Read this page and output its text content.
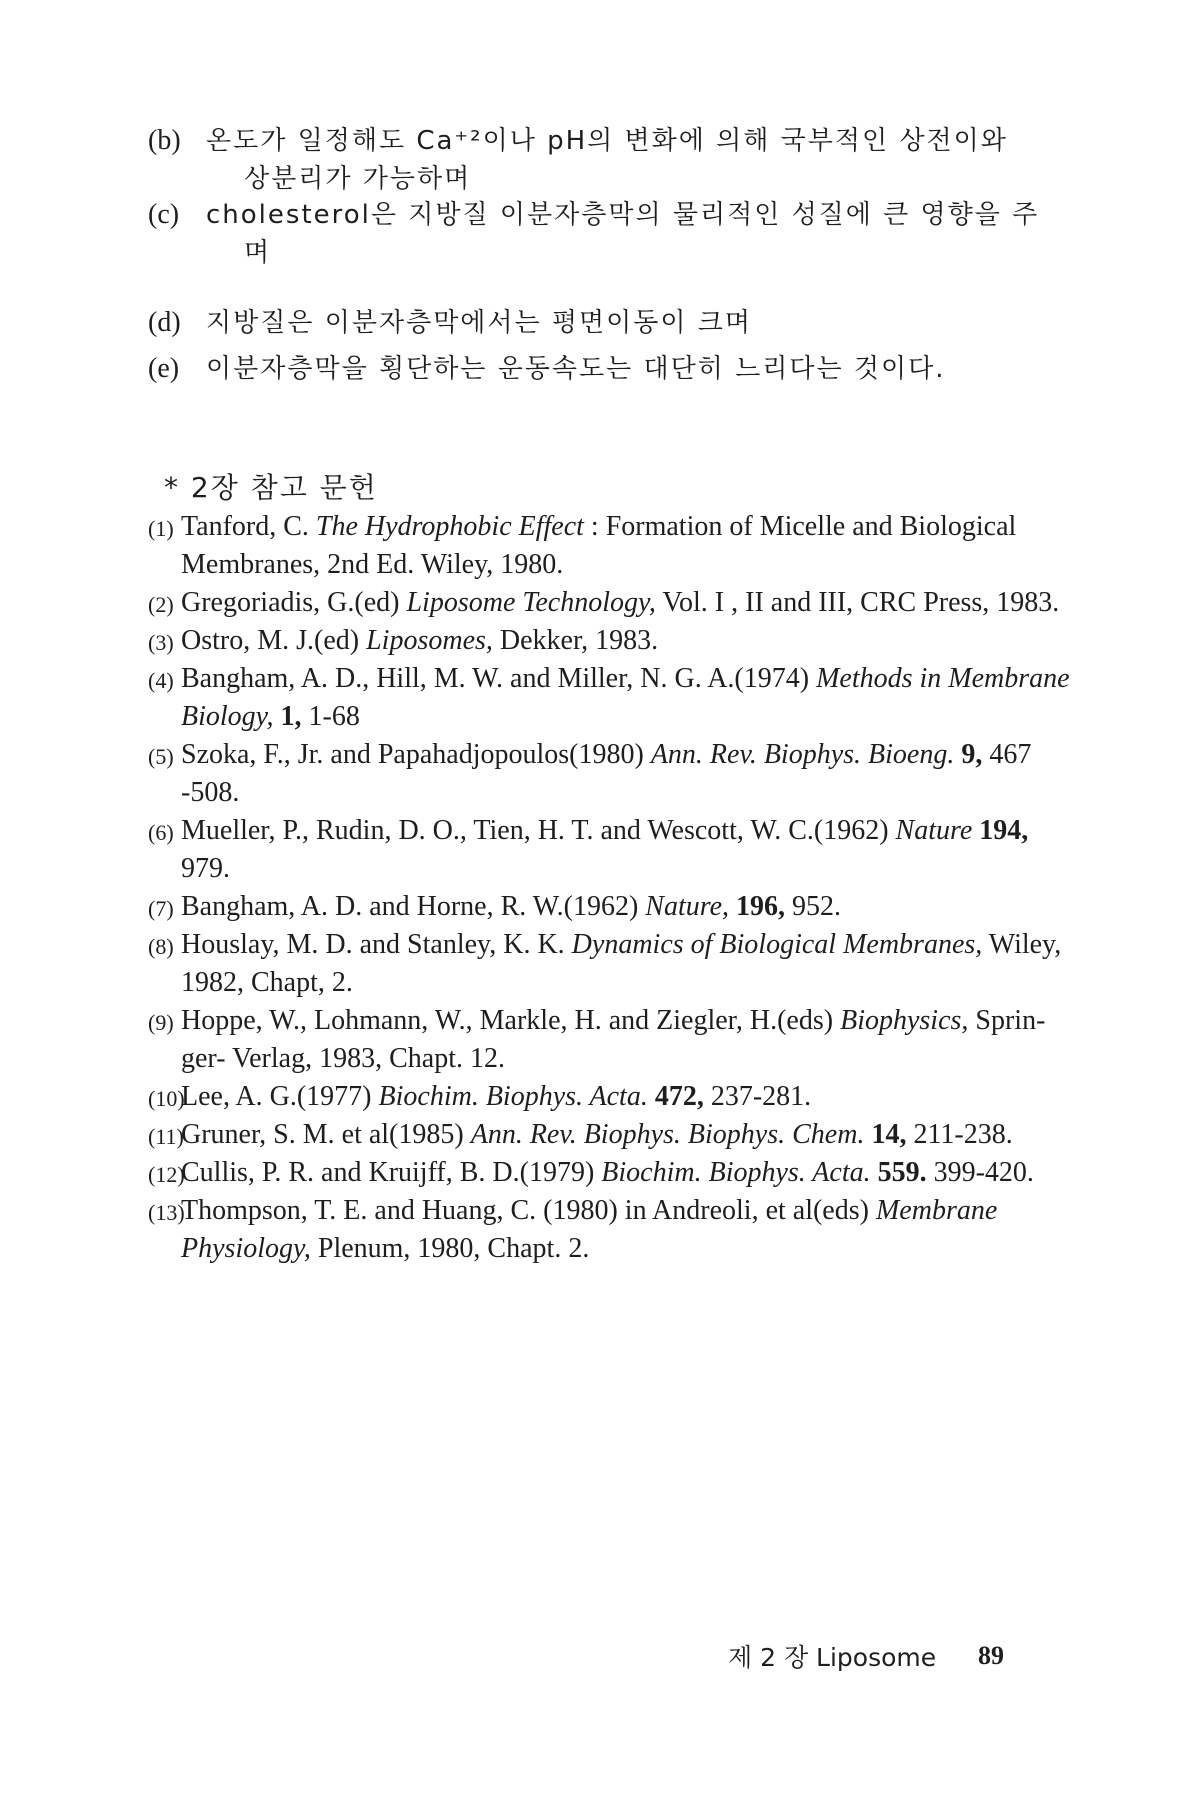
(b) 온도가 일정해도 Ca⁺²이나 pH의 변화에 의해 국부적인 상전이와
상분리가 가능하며
(c)	cholesterol은 지방질 이분자층막의 물리적인 성질에 큰 영향을 주
며
(d) 지방질은 이분자층막에서는 평면이동이 크며
(e)	이분자층막을 횡단하는 운동속도는 대단히 느리다는 것이다.
* 2장 참고 문헌
(1) Tanford, C. The Hydrophobic Effect : Formation of Micelle and Biological
Membranes, 2nd Ed. Wiley, 1980.
(2) Gregoriadis, G.(ed) Liposome Technology, Vol. I , II and III, CRC Press, 1983.
(3) Ostro, M. J.(ed) Liposomes, Dekker, 1983.
(4) Bangham, A. D., Hill, M. W. and Miller, N. G. A.(1974) Methods in Membrane
Biology, 1, 1-68
(5) Szoka, F., Jr. and Papahadjopoulos(1980) Ann. Rev. Biophys. Bioeng. 9, 467
-508.
(6) Mueller, P., Rudin, D. O., Tien, H. T. and Wescott, W. C.(1962) Nature 194,
979.
(7) Bangham, A. D. and Horne, R. W.(1962) Nature, 196, 952.
(8) Houslay, M. D. and Stanley, K. K. Dynamics of Biological Membranes, Wiley,
1982, Chapt, 2.
(9) Hoppe, W., Lohmann, W., Markle, H. and Ziegler, H.(eds) Biophysics, Sprin-
ger- Verlag, 1983, Chapt. 12.
(10)
Lee, A. G.(1977) Biochim. Biophys. Acta. 472, 237-281.
(11)
Gruner, S. M. et al(1985) Ann. Rev. Biophys. Biophys. Chem. 14, 211-238.
(12)
Cullis, P. R. and Kruijff, B. D.(1979) Biochim. Biophys. Acta. 559. 399-420.
(13)
Thompson, T. E. and Huang, C. (1980) in Andreoli, et al(eds) Membrane
Physiology, Plenum, 1980, Chapt. 2.
제 2 장 Liposome 89
